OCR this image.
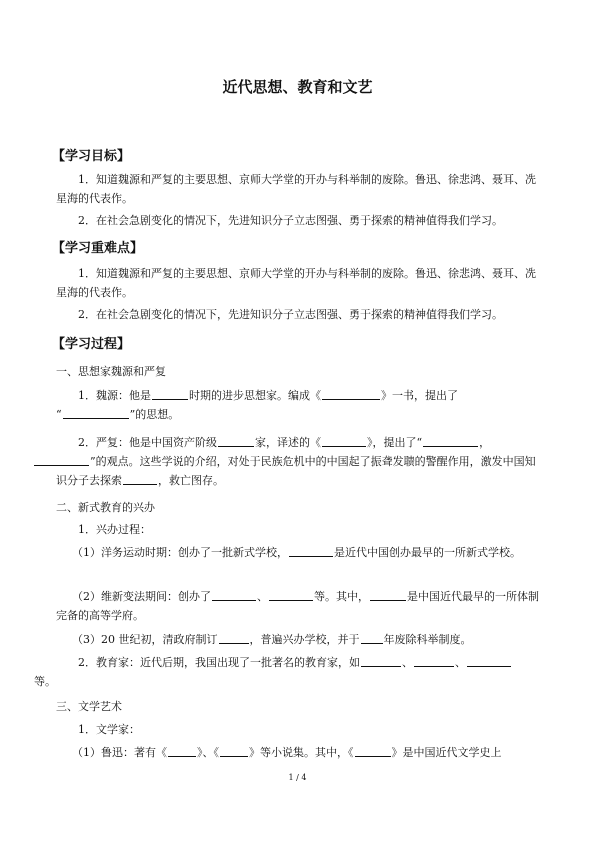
近代思想、教育和文艺
【学习目标】
1．知道魏源和严复的主要思想、京师大学堂的开办与科举制的废除。鲁迅、徐悲鸿、聂耳、冼星海的代表作。
2．在社会急剧变化的情况下，先进知识分子立志图强、勇于探索的精神值得我们学习。
【学习重难点】
1．知道魏源和严复的主要思想、京师大学堂的开办与科举制的废除。鲁迅、徐悲鸿、聂耳、冼星海的代表作。
2．在社会急剧变化的情况下，先进知识分子立志图强、勇于探索的精神值得我们学习。
【学习过程】
一、思想家魏源和严复
1．魏源：他是	时期的进步思想家。编成《	》一书，提出了
“	”的思想。
2．严复：他是中国资产阶级	家，译述的《	》，提出了“	，
”的观点。这些学说的介绍，对处于民族危机中的中国起了振聋发聩的警醒作用，激发中国知识分子去探索	，救亡图存。
二、新式教育的兴办
1．兴办过程：
（1）洋务运动时期：创办了一批新式学校，	是近代中国创办最早的一所新式学校。
（2）维新变法期间：创办了	、	等。其中，	是中国近代最早的一所体制完备的高等学府。
（3）20 世纪初，清政府制订	，普遍兴办学校，并于 年废除科举制度。
2．教育家：近代后期，我国出现了一批著名的教育家，如	、	、
等。
三、文学艺术
1．文学家：
（1）鲁迅：著有《	》、《	》等小说集。其中，《	》是中国近代文学史上
1 / 4
